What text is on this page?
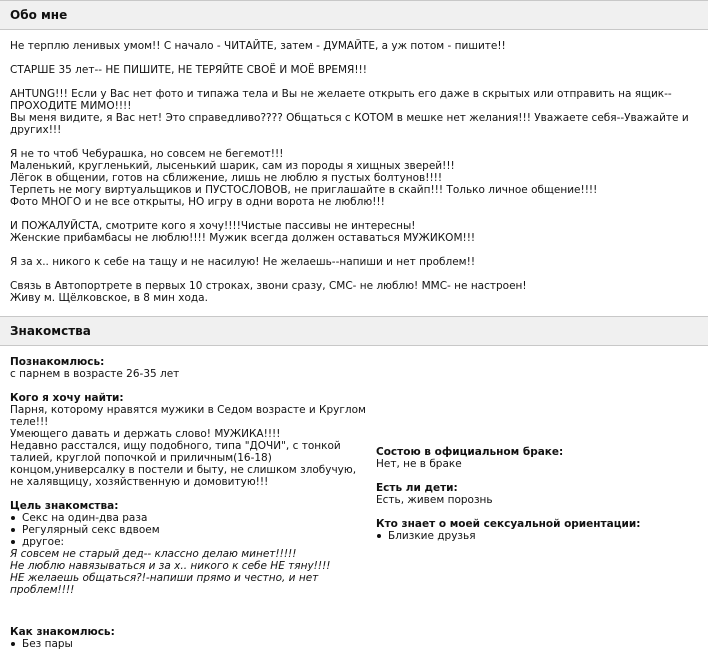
Обо мне

Не терплю ленивых умом!! С начало - ЧИТАЙТЕ, затем - ДУМАЙТЕ, а уж потом - пишите!!

СТАРШЕ 35 лет-- НЕ ПИШИТЕ, НЕ ТЕРЯЙТЕ СВОЁ И МОЁ ВРЕМЯ!!!

AHTUNG!!! Если у Вас нет фото и типажа тела и Вы не желаете открыть его даже в скрытых или отправить на ящик--
ПРОХОДИТЕ МИМО!!!!
Вы меня видите, я Вас нет! Это справедливо???? Общаться с КОТОМ в мешке нет желания!!! Уважаете себя--Уважайте и
других!!!

Я не то чтоб Чебурашка, но совсем не бегемот!!!
Маленький, кругленький, лысенький шарик, сам из породы я хищных зверей!!!
Лёгок в общении, готов на сближение, лишь не люблю я пустых болтунов!!!!
Терпеть не могу виртуальщиков и ПУСТОСЛОВОВ, не приглашайте в скайп!!! Только личное общение!!!!
Фото МНОГО и не все открыты, НО игру в одни ворота не люблю!!!

И ПОЖАЛУЙСТА, смотрите кого я хочу!!!!Чистые пассивы не интересны!
Женские прибамбасы не люблю!!!! Мужик всегда должен оставаться МУЖИКОМ!!!

Я за х.. никого к себе на тащу и не насилую! Не желаешь--напиши и нет проблем!!

Связь в Автопортрете в первых 10 строках, звони сразу, СМС- не люблю! ММС- не настроен!
Живу м. Щёлковское, в 8 мин хода.

Знакомства
Познакомлюсь:
с парнем в возрасте 26-35 лет
Кого я хочу найти:
Парня, которому нравятся мужики в Седом возрасте и Круглом
теле!!!
Умеющего давать и держать слово! МУЖИКА!!!!
Недавно расстался, ищу подобного, типа "ДОЧИ", с тонкой
талией, круглой попочкой и приличным(16-18)
концом,универсалку в постели и быту, не слишком злобучую,
не халявщицу, хозяйственную и домовитую!!!
Цель знакомства:
Секс на один-два раза
Регулярный секс вдвоем
другое:
Я совсем не старый дед-- классно делаю минет!!!!!
Не люблю навязываться и за х.. никого к себе НЕ тяну!!!!
НЕ желаешь общаться?!-напиши прямо и честно, и нет проблем!!!!
Как знакомлюсь:
Без пары
Состою в официальном браке:
Нет, не в браке
Есть ли дети:
Есть, живем порознь
Кто знает о моей сексуальной ориентации:
Близкие друзья
